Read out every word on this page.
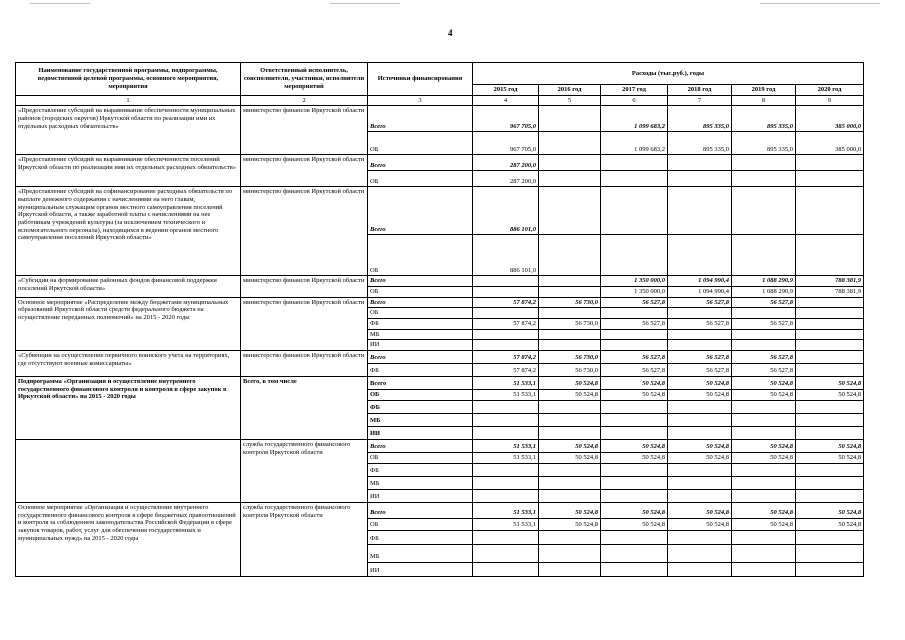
4
Наименование государственной программы, подпрограммы, ведомственной целевой программы, основного мероприятия, мероприятия	Ответственный исполнитель, соисполнители, участники, исполнители мероприятий	Источники финансирования	Расходы (тыс.руб.), годы					
			2015 год	2016 год	2017 год	2018 год	2019 год	2020 год
1	2	3	4	5	6	7	8	9
«Предоставление субсидий на выравнивание обеспеченности муниципальных районов (городских округов) Иркутской области по реализации ими их отдельных расходных обязательств»	министерство финансов Иркутской области	Всего	967 705,0		1 099 683,2	895 335,0	895 335,0	385 000,0
		ОБ	967 705,0		1 099 683,2	895 335,0	895 335,0	385 000,0
«Предоставление субсидий на выравнивание обеспеченности поселений Иркутской области по реализации ими их отдельных расходных обязательств»	министерство финансов Иркутской области	Всего	287 200,0					
		ОБ	287 200,0					
«Предоставление субсидий на софинансирование расходных обязательств по выплате денежного содержания с начислениями на него главам, муниципальным служащим органов местного самоуправления поселений Иркутской области, а также заработной платы с начислениями на нее работникам учреждений культуры (за исключением технического и вспомогательного персонала), находящихся в ведении органов местного самоуправления поселений Иркутской области»	министерство финансов Иркутской области	Всего	886 101,0					
		ОБ	886 101,0					
«Субсидии на формирование районных фондов финансовой поддержки поселений Иркутской области»	министерство финансов Иркутской области	Всего			1 350 000,0	1 094 990,4	1 088 290,9	788 381,9
		ОБ			1 350 000,0	1 094 990,4	1 088 290,9	788 381,9
Основное мероприятие «Распределение между бюджетами муниципальных образований Иркутской области средств федерального бюджета на осуществление переданных полномочий» на 2015 - 2020 годы	министерство финансов Иркутской области	Всего	57 874,2	56 730,0	56 527,8	56 527,8	56 527,8	
		ОБ						
		ФБ	57 874,2	56 730,0	56 527,8	56 527,8	56 527,8	
		МБ						
		ИИ						
«Субвенции на осуществление первичного воинского учета на территориях, где отсутствуют военные комиссариаты»	министерство финансов Иркутской области	Всего	57 874,2	56 730,0	56 527,8	56 527,8	56 527,8	
		ФБ	57 874,2	56 730,0	56 527,8	56 527,8	56 527,8	
Подпрограмма «Организация и осуществление внутреннего государственного финансового контроля и контроля в сфере закупок в Иркутской области» на 2015 - 2020 годы	Всего, в том числе	Всего	51 533,1	50 524,8	50 524,8	50 524,8	50 524,8	50 524,8
		ОБ	51 533,1	50 524,8	50 524,8	50 524,8	50 524,8	50 524,8
		ФБ						
		МБ						
		ИИ						
	служба государственного финансового контроля Иркутской области	Всего	51 533,1	50 524,8	50 524,8	50 524,8	50 524,8	50 524,8
		ОБ	51 533,1	50 524,8	50 524,8	50 524,8	50 524,8	50 524,8
		ФБ						
		МБ						
		ИИ						
Основное мероприятие «Организация и осуществление внутреннего государственного финансового контроля в сфере бюджетных правоотношений и контроля за соблюдением законодательства Российской Федерации в сфере закупок товаров, работ, услуг для обеспечения государственных и муниципальных нужд» на 2015 - 2020 годы	служба государственного финансового контроля Иркутской области	Всего	51 533,1	50 524,8	50 524,8	50 524,8	50 524,8	50 524,8
		ОБ	51 533,1	50 524,8	50 524,8	50 524,8	50 524,8	50 524,8
		ФБ						
		МБ						
		ИИ						
